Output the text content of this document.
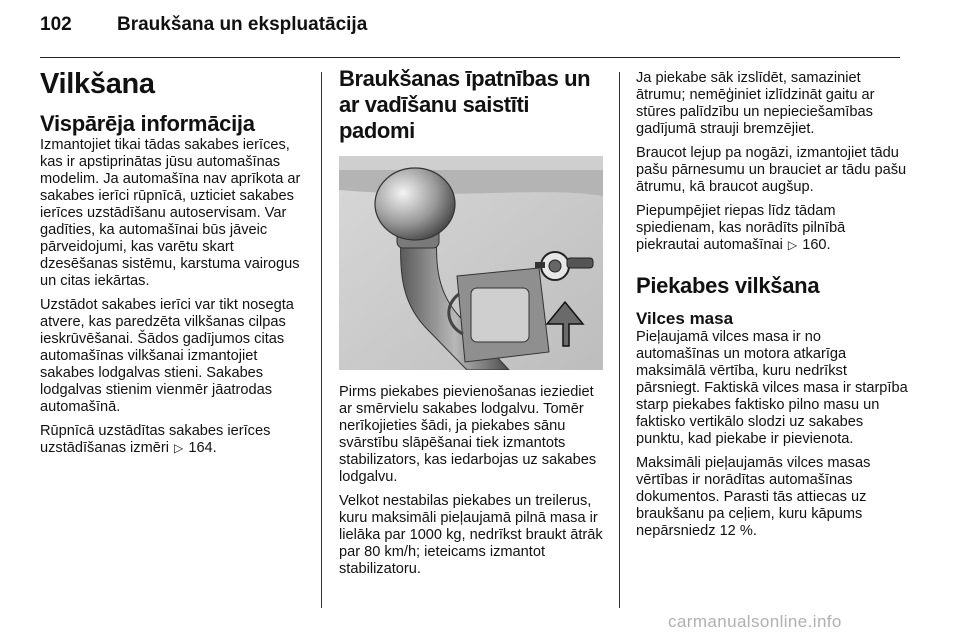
102 Braukšana un ekspluatācija
Vilkšana
Vispārēja informācija

Izmantojiet tikai tādas sakabes ierīces, kas ir apstiprinātas jūsu automašīnas modelim. Ja automašīna nav aprīkota ar sakabes ierīci rūpnīcā, uzticiet sakabes ierīces uzstādīšanu autoservisam. Var gadīties, ka automašīnai būs jāveic pārveidojumi, kas varētu skart dzesēšanas sistēmu, karstuma vairogus un citas iekārtas.

Uzstādot sakabes ierīci var tikt nosegta atvere, kas paredzēta vilkšanas cilpas ieskrūvēšanai. Šādos gadījumos citas automašīnas vilkšanai izmantojiet sakabes lodgalvas stieni. Sakabes lodgalvas stienim vienmēr jāatrodas automašīnā.

Rūpnīcā uzstādītas sakabes ierīces uzstādīšanas izmēri ▷ 164.

Braukšanas īpatnības un ar vadīšanu saistīti padomi

Pirms piekabes pievienošanas ieziediet ar smērvielu sakabes lodgalvu. Tomēr nerīkojieties šādi, ja piekabes sānu svārstību slāpēšanai tiek izmantots stabilizators, kas iedarbojas uz sakabes lodgalvu.

Velkot nestabilas piekabes un treilerus, kuru maksimāli pieļaujamā pilnā masa ir lielāka par 1000 kg, nedrīkst braukt ātrāk par 80 km/h; ieteicams izmantot stabilizatoru.

Ja piekabe sāk izslīdēt, samaziniet ātrumu; nemēģiniet izlīdzināt gaitu ar stūres palīdzību un nepieciešamības gadījumā strauji bremzējiet.

Braucot lejup pa nogāzi, izmantojiet tādu pašu pārnesumu un brauciet ar tādu pašu ātrumu, kā braucot augšup.

Piepumpējiet riepas līdz tādam spiedienam, kas norādīts pilnībā piekrautai automašīnai ▷ 160.

Piekabes vilkšana
Vilces masa

Pieļaujamā vilces masa ir no automašīnas un motora atkarīga maksimālā vērtība, kuru nedrīkst pārsniegt. Faktiskā vilces masa ir starpība starp piekabes faktisko pilno masu un faktisko vertikālo slodzi uz sakabes punktu, kad piekabe ir pievienota.

Maksimāli pieļaujamās vilces masas vērtības ir norādītas automašīnas dokumentos. Parasti tās attiecas uz braukšanu pa ceļiem, kuru kāpums nepārsniedz 12 %.

carmanualsonline.info
